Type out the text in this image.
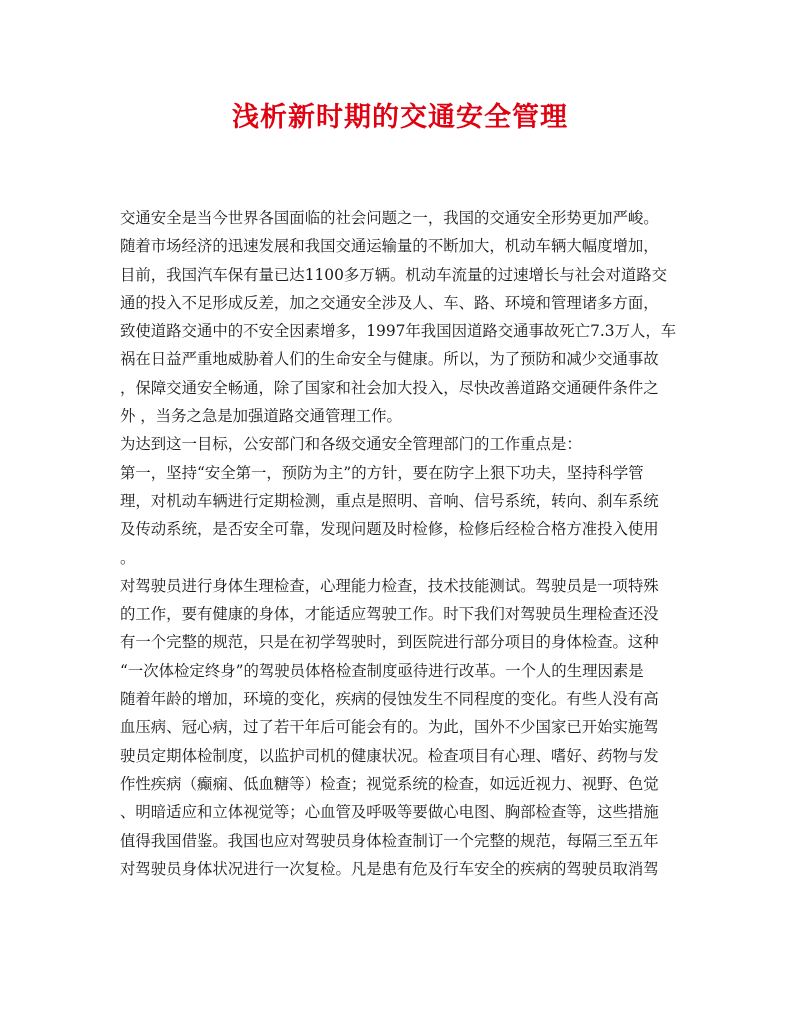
浅析新时期的交通安全管理
交通安全是当今世界各国面临的社会问题之一，我国的交通安全形势更加严峻。
随着市场经济的迅速发展和我国交通运输量的不断加大，机动车辆大幅度增加，
目前，我国汽车保有量已达1100多万辆。机动车流量的过速增长与社会对道路交
通的投入不足形成反差，加之交通安全涉及人、车、路、环境和管理诸多方面，
致使道路交通中的不安全因素增多，1997年我国因道路交通事故死亡7.3万人，车
祸在日益严重地威胁着人们的生命安全与健康。所以，为了预防和减少交通事故
，保障交通安全畅通，除了国家和社会加大投入，尽快改善道路交通硬件条件之
外 ，当务之急是加强道路交通管理工作。
为达到这一目标，公安部门和各级交通安全管理部门的工作重点是：
第一，坚持“安全第一，预防为主”的方针，要在防字上狠下功夫，坚持科学管
理，对机动车辆进行定期检测，重点是照明、音响、信号系统，转向、刹车系统
及传动系统，是否安全可靠，发现问题及时检修，检修后经检合格方准投入使用
。
对驾驶员进行身体生理检查，心理能力检查，技术技能测试。驾驶员是一项特殊
的工作，要有健康的身体，才能适应驾驶工作。时下我们对驾驶员生理检查还没
有一个完整的规范，只是在初学驾驶时，到医院进行部分项目的身体检查。这种
“一次体检定终身”的驾驶员体格检查制度亟待进行改革。一个人的生理因素是
随着年龄的增加，环境的变化，疾病的侵蚀发生不同程度的变化。有些人没有高
血压病、冠心病，过了若干年后可能会有的。为此，国外不少国家已开始实施驾
驶员定期体检制度，以监护司机的健康状况。检查项目有心理、嗜好、药物与发
作性疾病（癫痫、低血糖等）检查；视觉系统的检查，如远近视力、视野、色觉
、明暗适应和立体视觉等；心血管及呼吸等要做心电图、胸部检查等，这些措施
值得我国借鉴。我国也应对驾驶员身体检查制订一个完整的规范，每隔三至五年
对驾驶员身体状况进行一次复检。凡是患有危及行车安全的疾病的驾驶员取消驾
